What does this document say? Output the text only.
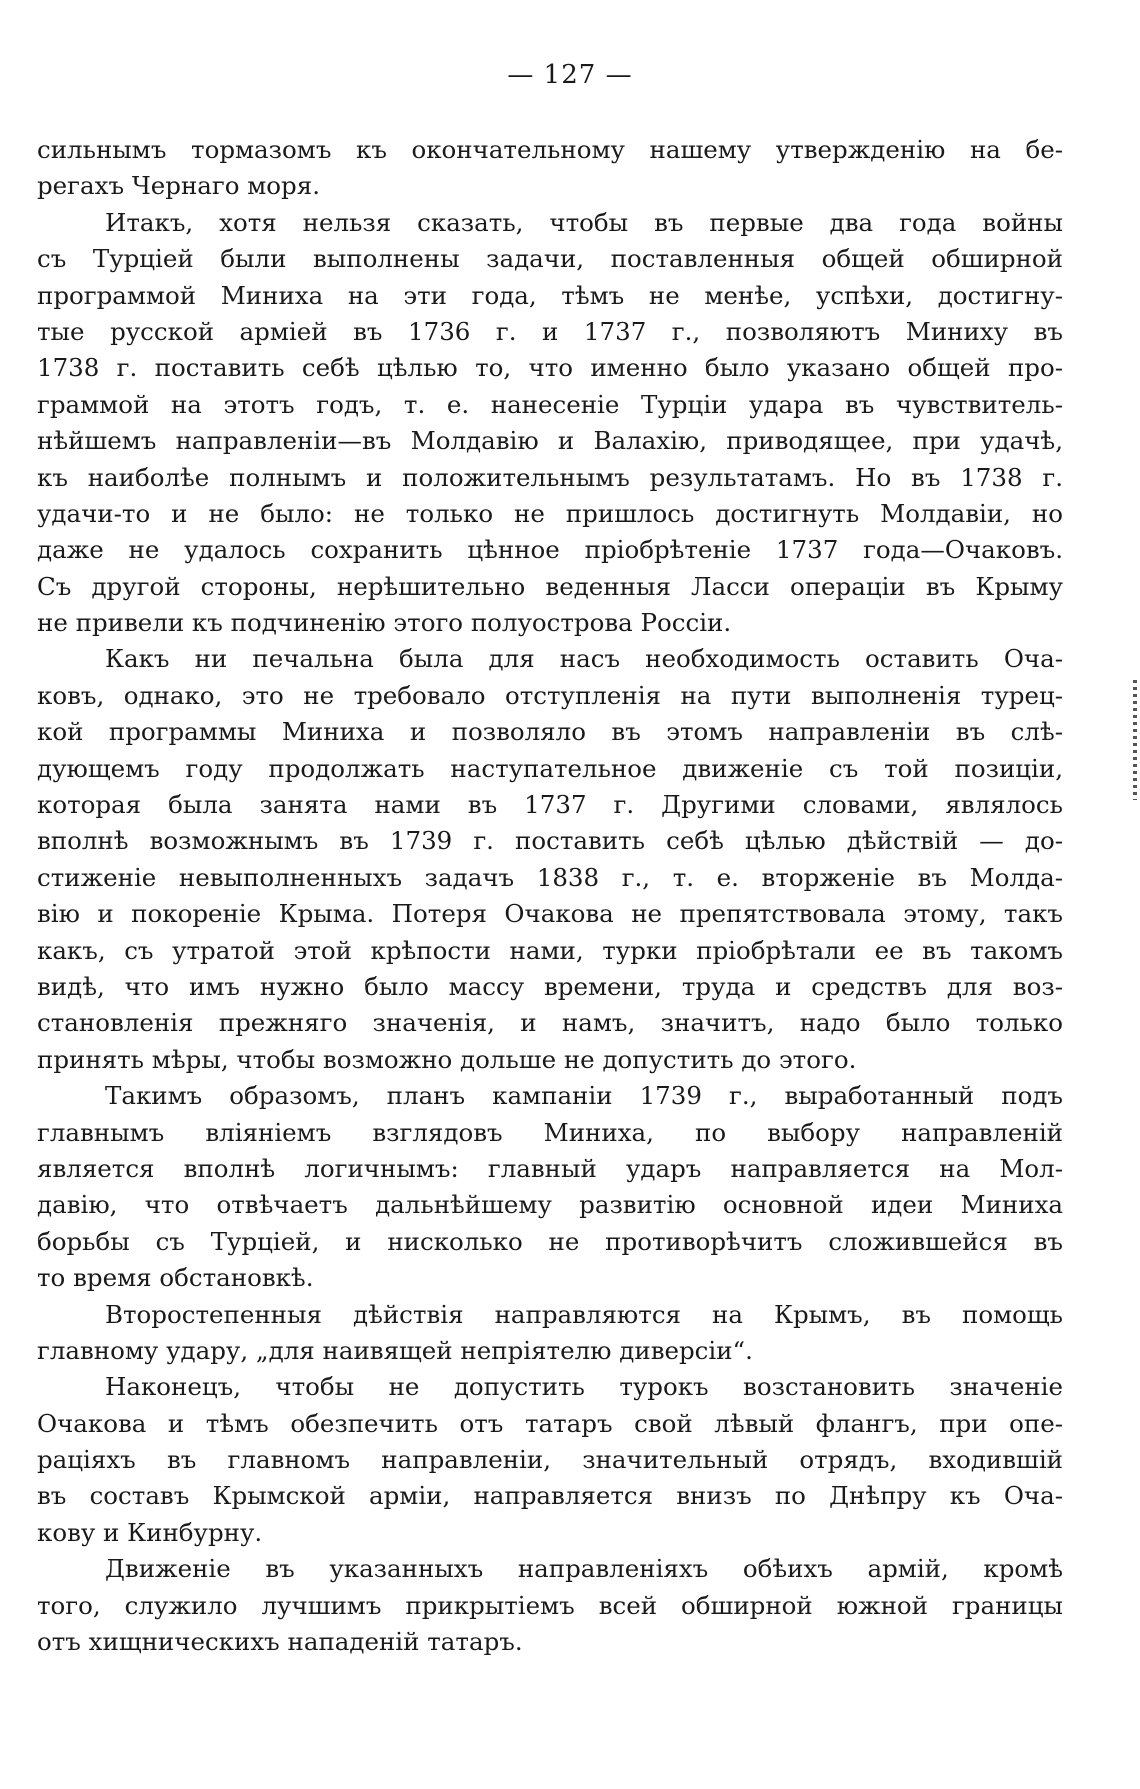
— 127 —
сильнымъ тормазомъ къ окончательному нашему утвержденію на бе-
регахъ Чернаго моря.
Итакъ, хотя нельзя сказать, чтобы въ первые два года войны
съ Турціей были выполнены задачи, поставленныя общей обширной
программой Миниха на эти года, тѣмъ не менѣе, успѣхи, достигну-
тые русской арміей въ 1736 г. и 1737 г., позволяютъ Миниху въ
1738 г. поставить себѣ цѣлью то, что именно было указано общей про-
граммой на этотъ годъ, т. е. нанесеніе Турціи удара въ чувствитель-
нѣйшемъ направленіи—въ Молдавію и Валахію, приводящее, при удачѣ,
къ наиболѣе полнымъ и положительнымъ результатамъ. Но въ 1738 г.
удачи-то и не было: не только не пришлось достигнуть Молдавіи, но
даже не удалось сохранить цѣнное пріобрѣтеніе 1737 года—Очаковъ.
Съ другой стороны, нерѣшительно веденныя Ласси операціи въ Крыму
не привели къ подчиненію этого полуострова Россіи.
Какъ ни печальна была для насъ необходимость оставить Оча-
ковъ, однако, это не требовало отступленія на пути выполненія турец-
кой программы Миниха и позволяло въ этомъ направленіи въ слѣ-
дующемъ году продолжать наступательное движеніе съ той позиціи,
которая была занята нами въ 1737 г. Другими словами, являлось
вполнѣ возможнымъ въ 1739 г. поставить себѣ цѣлью дѣйствій — до-
стиженіе невыполненныхъ задачъ 1838 г., т. е. вторженіе въ Молда-
вію и покореніе Крыма. Потеря Очакова не препятствовала этому, такъ
какъ, съ утратой этой крѣпости нами, турки пріобрѣтали ее въ такомъ
видѣ, что имъ нужно было массу времени, труда и средствъ для воз-
становленія прежняго значенія, и намъ, значитъ, надо было только
принять мѣры, чтобы возможно дольше не допустить до этого.
Такимъ образомъ, планъ кампаніи 1739 г., выработанный подъ
главнымъ вліяніемъ взглядовъ Миниха, по выбору направленій
является вполнѣ логичнымъ: главный ударъ направляется на Мол-
давію, что отвѣчаетъ дальнѣйшему развитію основной идеи Миниха
борьбы съ Турціей, и нисколько не противорѣчитъ сложившейся въ
то время обстановкѣ.
Второстепенныя дѣйствія направляются на Крымъ, въ помощь
главному удару, „для наивящей непріятелю диверсіи“.
Наконецъ, чтобы не допустить турокъ возстановить значеніе
Очакова и тѣмъ обезпечить отъ татаръ свой лѣвый флангъ, при опе-
раціяхъ въ главномъ направленіи, значительный отрядъ, входившій
въ составъ Крымской арміи, направляется внизъ по Днѣпру къ Оча-
кову и Кинбурну.
Движеніе въ указанныхъ направленіяхъ обѣихъ армій, кромѣ
того, служило лучшимъ прикрытіемъ всей обширной южной границы
отъ хищническихъ нападеній татаръ.
